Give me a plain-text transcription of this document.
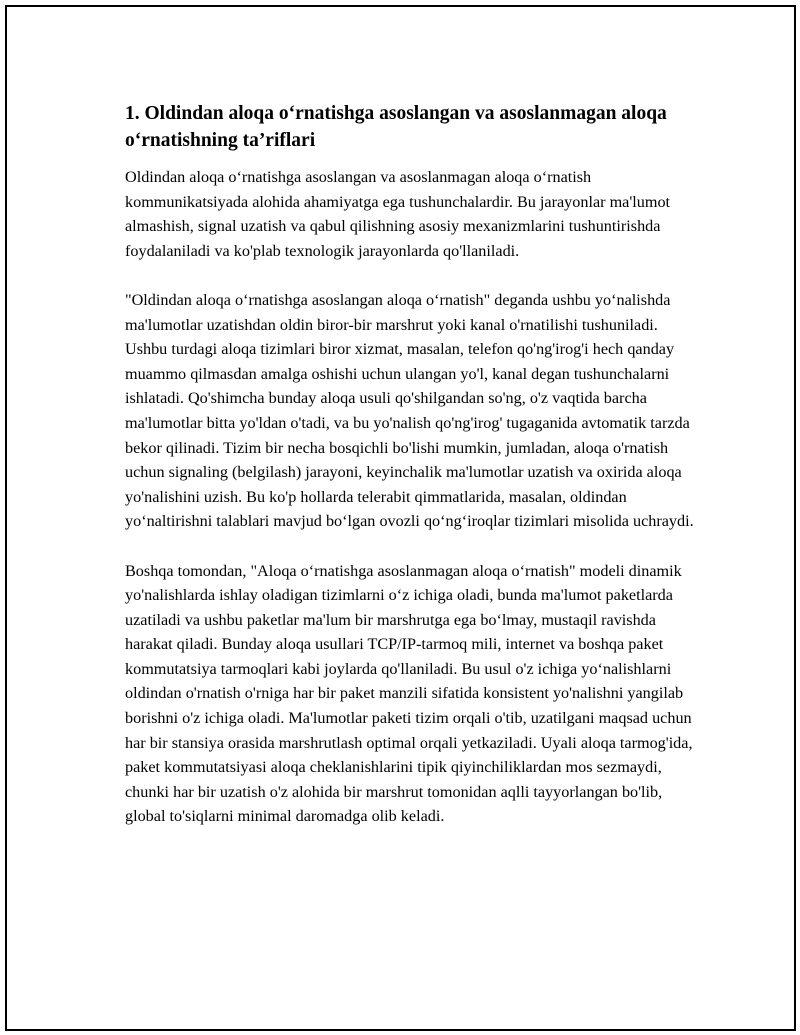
1. Oldindan aloqa o‘rnatishga asoslangan va asoslanmagan aloqa o‘rnatishning ta’riflari

Oldindan aloqa o‘rnatishga asoslangan va asoslanmagan aloqa o‘rnatish kommunikatsiyada alohida ahamiyatga ega tushunchalardir. Bu jarayonlar ma'lumot almashish, signal uzatish va qabul qilishning asosiy mexanizmlarini tushuntirishda foydalaniladi va ko'plab texnologik jarayonlarda qo'llaniladi.

"Oldindan aloqa o‘rnatishga asoslangan aloqa o‘rnatish" deganda ushbu yo‘nalishda ma'lumotlar uzatishdan oldin biror-bir marshrut yoki kanal o'rnatilishi tushuniladi. Ushbu turdagi aloqa tizimlari biror xizmat, masalan, telefon qo'ng'irog'i hech qanday muammo qilmasdan amalga oshishi uchun ulangan yo'l, kanal degan tushunchalarni ishlatadi. Qo'shimcha bunday aloqa usuli qo'shilgandan so'ng, o'z vaqtida barcha ma'lumotlar bitta yo'ldan o'tadi, va bu yo'nalish qo'ng'irog' tugaganida avtomatik tarzda bekor qilinadi. Tizim bir necha bosqichli bo'lishi mumkin, jumladan, aloqa o'rnatish uchun signaling (belgilash) jarayoni, keyinchalik ma'lumotlar uzatish va oxirida aloqa yo'nalishini uzish. Bu ko'p hollarda telerabit qimmatlarida, masalan, oldindan yo‘naltirishni talablari mavjud bo‘lgan ovozli qo‘ng‘iroqlar tizimlari misolida uchraydi.

Boshqa tomondan, "Aloqa o‘rnatishga asoslanmagan aloqa o‘rnatish" modeli dinamik yo'nalishlarda ishlay oladigan tizimlarni o‘z ichiga oladi, bunda ma'lumot paketlarda uzatiladi va ushbu paketlar ma'lum bir marshrutga ega bo‘lmay, mustaqil ravishda harakat qiladi. Bunday aloqa usullari TCP/IP-tarmoq mili, internet va boshqa paket kommutatsiya tarmoqlari kabi joylarda qo'llaniladi. Bu usul o'z ichiga yo‘nalishlarni oldindan o'rnatish o'rniga har bir paket manzili sifatida konsistent yo'nalishni yangilab borishni o'z ichiga oladi. Ma'lumotlar paketi tizim orqali o'tib, uzatilgani maqsad uchun har bir stansiya orasida marshrutlash optimal orqali yetkaziladi. Uyali aloqa tarmog'ida, paket kommutatsiyasi aloqa cheklanishlarini tipik qiyinchiliklardan mos sezmaydi, chunki har bir uzatish o'z alohida bir marshrut tomonidan aqlli tayyorlangan bo'lib, global to'siqlarni minimal daromadga olib keladi.
